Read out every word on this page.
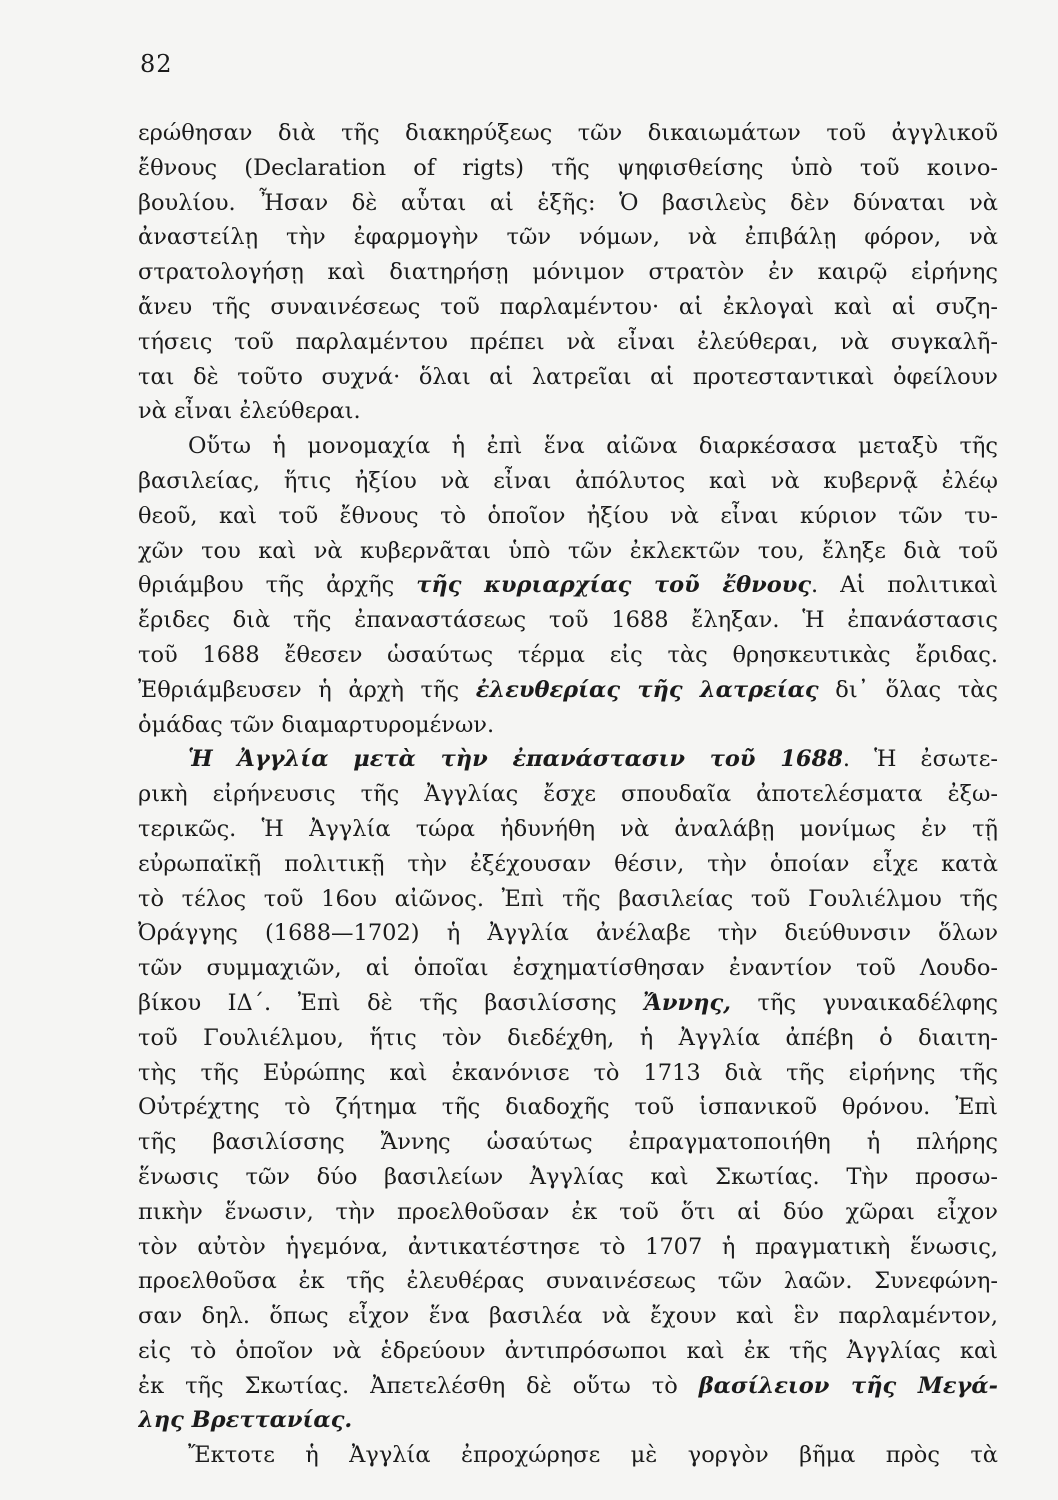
82
ερώθησαν διὰ τῆς διακηρύξεως τῶν δικαιωμάτων τοῦ ἀγγλικοῦ
ἔθνους (Declaration of rigts) τῆς ψηφισθείσης ὑπὸ τοῦ κοινο-
βουλίου. Ἦσαν δὲ αὗται αἱ ἑξῆς: Ὁ βασιλεὺς δὲν δύναται νὰ
ἀναστείλῃ τὴν ἐφαρμογὴν τῶν νόμων, νὰ ἐπιβάλῃ φόρον, νὰ
στρατολογήσῃ καὶ διατηρήσῃ μόνιμον στρατὸν ἐν καιρῷ εἰρήνης
ἄνευ τῆς συναινέσεως τοῦ παρλαμέντου· αἱ ἐκλογαὶ καὶ αἱ συζη-
τήσεις τοῦ παρλαμέντου πρέπει νὰ εἶναι ἐλεύθεραι, νὰ συγκαλῆ-
ται δὲ τοῦτο συχνά· ὅλαι αἱ λατρεῖαι αἱ προτεσταντικαὶ ὀφείλουν
νὰ εἶναι ἐλεύθεραι.
Οὕτω ἡ μονομαχία ἡ ἐπὶ ἕνα αἰῶνα διαρκέσασα μεταξὺ τῆς
βασιλείας, ἥτις ἠξίου νὰ εἶναι ἀπόλυτος καὶ νὰ κυβερνᾷ ἐλέῳ
θεοῦ, καὶ τοῦ ἔθνους τὸ ὁποῖον ἠξίου νὰ εἶναι κύριον τῶν τυ-
χῶν του καὶ νὰ κυβερνᾶται ὑπὸ τῶν ἐκλεκτῶν του, ἔληξε διὰ τοῦ
θριάμβου τῆς ἀρχῆς τῆς κυριαρχίας τοῦ ἔθνους. Αἱ πολιτικαὶ
ἔριδες διὰ τῆς ἐπαναστάσεως τοῦ 1688 ἔληξαν. Ἡ ἐπανάστασις
τοῦ 1688 ἔθεσεν ὡσαύτως τέρμα εἰς τὰς θρησκευτικὰς ἔριδας.
Ἐθριάμβευσεν ἡ ἀρχὴ τῆς ἐλευθερίας τῆς λατρείας δι᾿ ὅλας τὰς
ὁμάδας τῶν διαμαρτυρομένων.
Ἡ Ἀγγλία μετὰ τὴν ἐπανάστασιν τοῦ 1688. Ἡ ἐσωτε-
ρικὴ εἰρήνευσις τῆς Ἀγγλίας ἔσχε σπουδαῖα ἀποτελέσματα ἐξω-
τερικῶς. Ἡ Ἀγγλία τώρα ἠδυνήθη νὰ ἀναλάβῃ μονίμως ἐν τῇ
εὐρωπαϊκῇ πολιτικῇ τὴν ἐξέχουσαν θέσιν, τὴν ὁποίαν εἶχε κατὰ
τὸ τέλος τοῦ 16ου αἰῶνος. Ἐπὶ τῆς βασιλείας τοῦ Γουλιέλμου τῆς
Ὀράγγης (1688—1702) ἡ Ἀγγλία ἀνέλαβε τὴν διεύθυνσιν ὅλων
τῶν συμμαχιῶν, αἱ ὁποῖαι ἐσχηματίσθησαν ἐναντίον τοῦ Λουδο-
βίκου ΙΔ΄. Ἐπὶ δὲ τῆς βασιλίσσης Ἄννης, τῆς γυναικαδέλφης
τοῦ Γουλιέλμου, ἥτις τὸν διεδέχθη, ἡ Ἀγγλία ἀπέβη ὁ διαιτη-
τὴς τῆς Εὐρώπης καὶ ἐκανόνισε τὸ 1713 διὰ τῆς εἰρήνης τῆς
Οὐτρέχτης τὸ ζήτημα τῆς διαδοχῆς τοῦ ἱσπανικοῦ θρόνου. Ἐπὶ
τῆς βασιλίσσης Ἄννης ὡσαύτως ἐπραγματοποιήθη ἡ πλήρης
ἕνωσις τῶν δύο βασιλείων Ἀγγλίας καὶ Σκωτίας. Τὴν προσω-
πικὴν ἕνωσιν, τὴν προελθοῦσαν ἐκ τοῦ ὅτι αἱ δύο χῶραι εἶχον
τὸν αὐτὸν ἡγεμόνα, ἀντικατέστησε τὸ 1707 ἡ πραγματικὴ ἕνωσις,
προελθοῦσα ἐκ τῆς ἐλευθέρας συναινέσεως τῶν λαῶν. Συνεφώνη-
σαν δηλ. ὅπως εἶχον ἕνα βασιλέα νὰ ἔχουν καὶ ἓν παρλαμέντον,
εἰς τὸ ὁποῖον νὰ ἑδρεύουν ἀντιπρόσωποι καὶ ἐκ τῆς Ἀγγλίας καὶ
ἐκ τῆς Σκωτίας. Ἀπετελέσθη δὲ οὕτω τὸ βασίλειον τῆς Μεγά-
λης Βρεττανίας.
Ἔκτοτε ἡ Ἀγγλία ἐπροχώρησε μὲ γοργὸν βῆμα πρὸς τὰ
